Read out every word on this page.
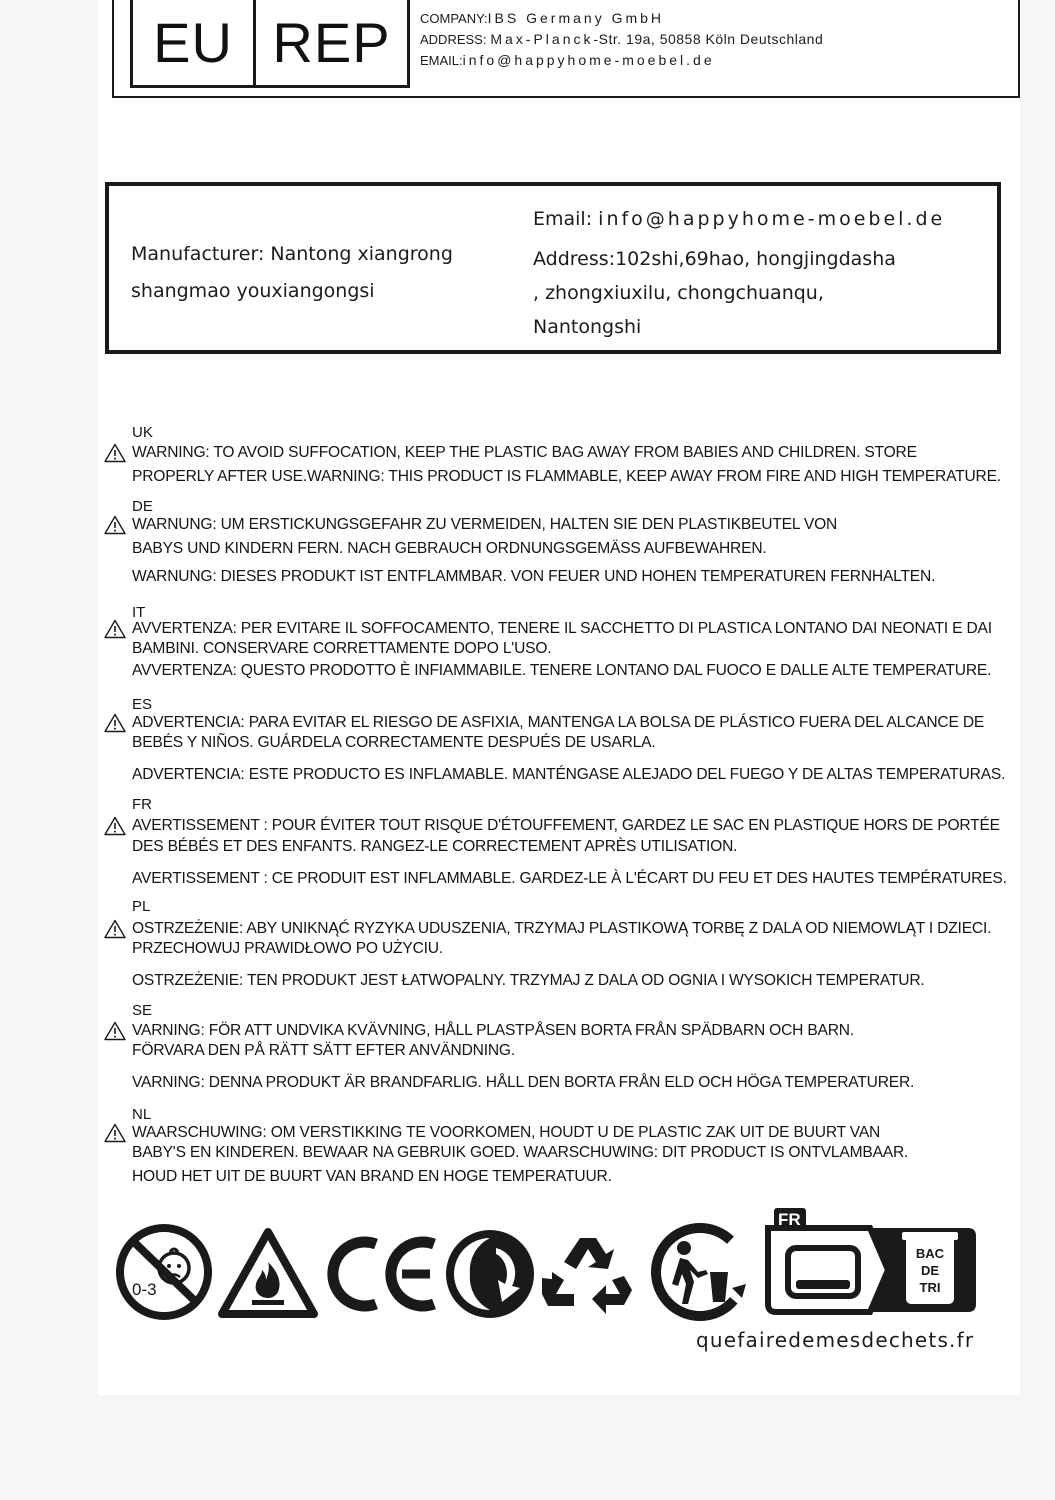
EU REP	COMPANY:IBS Germany GmbH
ADDRESS: Max-Planck-Str. 19a, 50858 Köln Deutschland
EMAIL:info@happyhome-moebel.de
Manufacturer: Nantong xiangrong
shangmao youxiangongsi
Email: info@happyhome-moebel.de
Address:102shi,69hao, hongjingdasha
, zhongxiuxilu, chongchuanqu,
Nantongshi
UK
WARNING: TO AVOID SUFFOCATION, KEEP THE PLASTIC BAG AWAY FROM BABIES AND CHILDREN. STORE
PROPERLY AFTER USE.WARNING: THIS PRODUCT IS FLAMMABLE, KEEP AWAY FROM FIRE AND HIGH TEMPERATURE.
DE
WARNUNG: UM ERSTICKUNGSGEFAHR ZU VERMEIDEN, HALTEN SIE DEN PLASTIKBEUTEL VON
BABYS UND KINDERN FERN. NACH GEBRAUCH ORDNUNGSGEMÄSS AUFBEWAHREN.
WARNUNG: DIESES PRODUKT IST ENTFLAMMBAR. VON FEUER UND HOHEN TEMPERATUREN FERNHALTEN.
IT
AVVERTENZA: PER EVITARE IL SOFFOCAMENTO, TENERE IL SACCHETTO DI PLASTICA LONTANO DAI NEONATI E DAI
BAMBINI. CONSERVARE CORRETTAMENTE DOPO L'USO.
AVVERTENZA: QUESTO PRODOTTO È INFIAMMABILE. TENERE LONTANO DAL FUOCO E DALLE ALTE TEMPERATURE.
ES
ADVERTENCIA: PARA EVITAR EL RIESGO DE ASFIXIA, MANTENGA LA BOLSA DE PLÁSTICO FUERA DEL ALCANCE DE
BEBÉS Y NIÑOS. GUÁRDELA CORRECTAMENTE DESPUÉS DE USARLA.
ADVERTENCIA: ESTE PRODUCTO ES INFLAMABLE. MANTÉNGASE ALEJADO DEL FUEGO Y DE ALTAS TEMPERATURAS.
FR
AVERTISSEMENT : POUR ÉVITER TOUT RISQUE D'ÉTOUFFEMENT, GARDEZ LE SAC EN PLASTIQUE HORS DE PORTÉE
DES BÉBÉS ET DES ENFANTS. RANGEZ-LE CORRECTEMENT APRÈS UTILISATION.
AVERTISSEMENT : CE PRODUIT EST INFLAMMABLE. GARDEZ-LE À L'ÉCART DU FEU ET DES HAUTES TEMPÉRATURES.
PL
OSTRZEŻENIE: ABY UNIKNĄĆ RYZYKA UDUSZENIA, TRZYMAJ PLASTIKOWĄ TORBĘ Z DALA OD NIEMOWLĄT I DZIECI.
PRZECHOWUJ PRAWIDŁOWO PO UŻYCIU.
OSTRZEŻENIE: TEN PRODUKT JEST ŁATWOPALNY. TRZYMAJ Z DALA OD OGNIA I WYSOKICH TEMPERATUR.
SE
VARNING: FÖR ATT UNDVIKA KVÄVNING, HÅLL PLASTPÅSEN BORTA FRÅN SPÄDBARN OCH BARN.
FÖRVARA DEN PÅ RÄTT SÄTT EFTER ANVÄNDNING.
VARNING: DENNA PRODUKT ÄR BRANDFARLIG. HÅLL DEN BORTA FRÅN ELD OCH HÖGA TEMPERATURER.
NL
WAARSCHUWING: OM VERSTIKKING TE VOORKOMEN, HOUDT U DE PLASTIC ZAK UIT DE BUURT VAN
BABY'S EN KINDEREN. BEWAAR NA GEBRUIK GOED. WAARSCHUWING: DIT PRODUCT IS ONTVLAMBAAR.
HOUD HET UIT DE BUURT VAN BRAND EN HOGE TEMPERATUUR.
0-3
FR
BAC
DE
TRI
quefairedemesdechets.fr
